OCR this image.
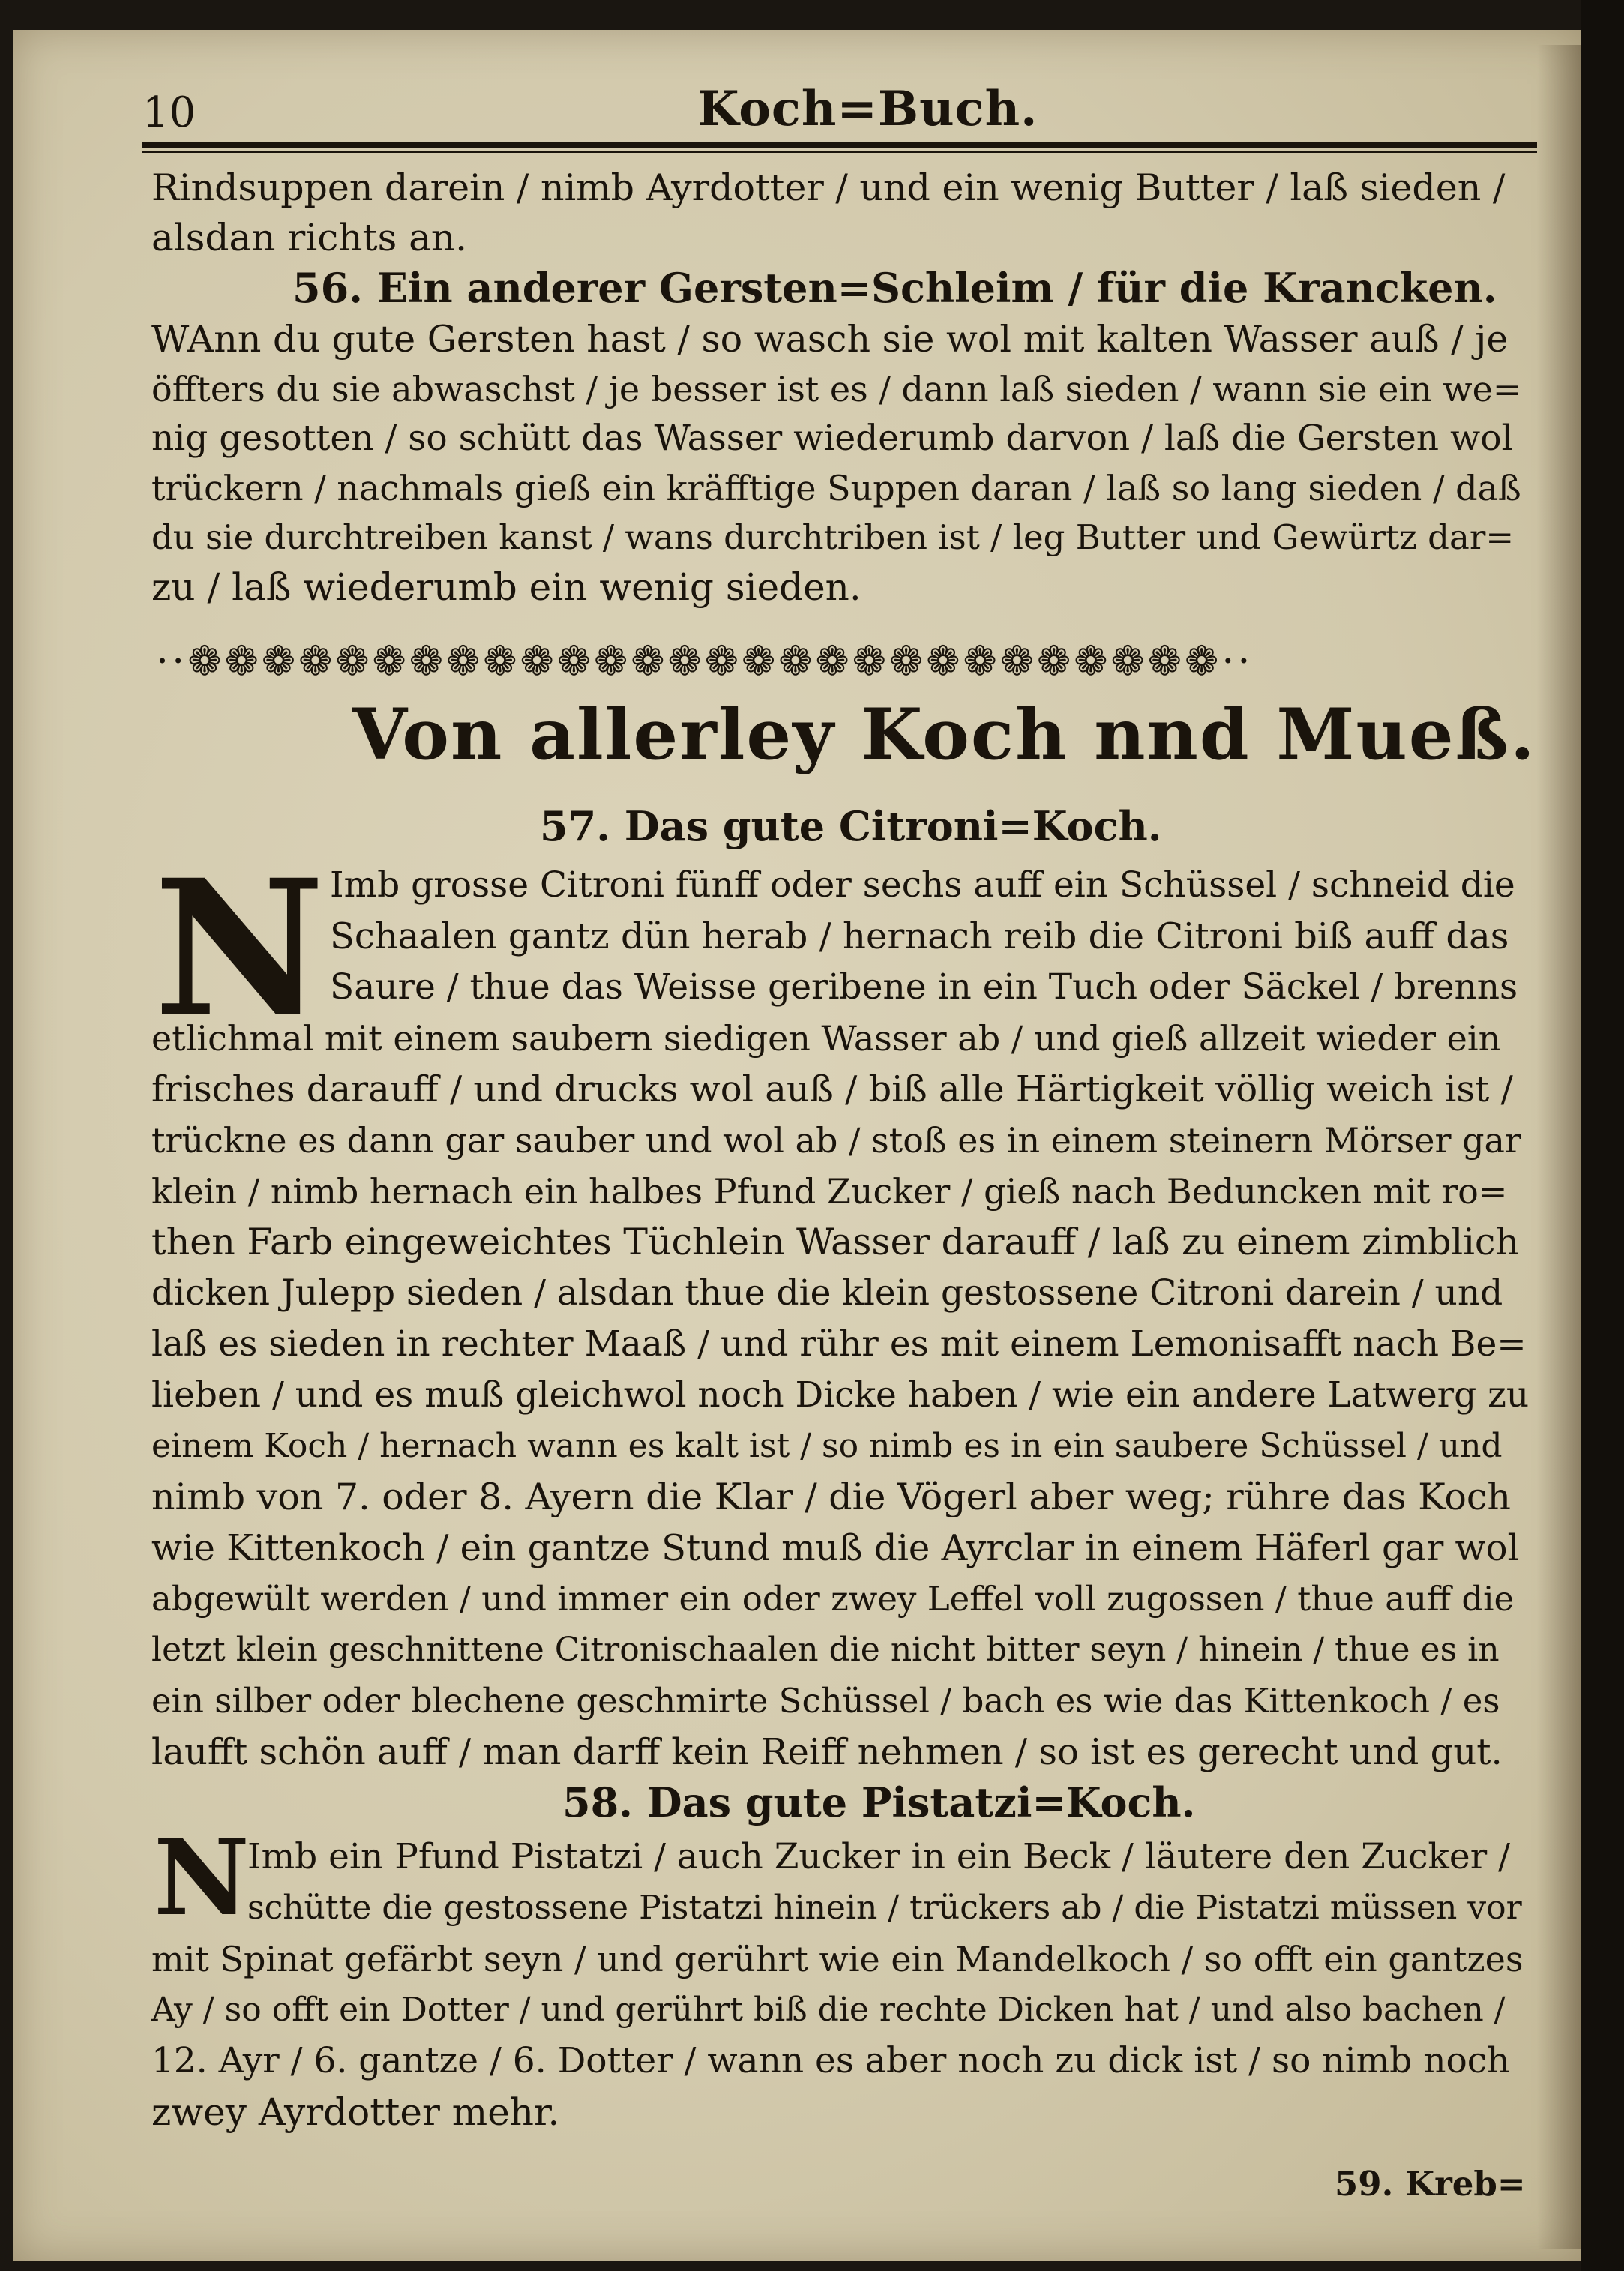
10	Koch=Buch.
Rindsuppen darein / nimb Ayrdotter / und ein wenig Butter / laß sieden /
alsdan richts an.
56. Ein anderer Gersten=Schleim / für die Krancken.
WAnn du gute Gersten hast / so wasch sie wol mit kalten Wasser auß / je
öffters du sie abwaschst / je besser ist es / dann laß sieden / wann sie ein we=
nig gesotten / so schütt das Wasser wiederumb darvon / laß die Gersten wol
trückern / nachmals gieß ein kräfftige Suppen daran / laß so lang sieden / daß
du sie durchtreiben kanst / wans durchtriben ist / leg Butter und Gewürtz dar=
zu / laß wiederumb ein wenig sieden.
··❁❁❁❁❁❁❁❁❁❁❁❁❁❁❁❁❁❁❁❁❁❁❁❁❁❁❁❁··
Von allerley Koch nnd Mueß.
57. Das gute Citroni=Koch.
N Imb grosse Citroni fünff oder sechs auff ein Schüssel / schneid die
Schaalen gantz dün herab / hernach reib die Citroni biß auff das
Saure / thue das Weisse geribene in ein Tuch oder Säckel / brenns
etlichmal mit einem saubern siedigen Wasser ab / und gieß allzeit wieder ein
frisches darauff / und drucks wol auß / biß alle Härtigkeit völlig weich ist /
trückne es dann gar sauber und wol ab / stoß es in einem steinern Mörser gar
klein / nimb hernach ein halbes Pfund Zucker / gieß nach Beduncken mit ro=
then Farb eingeweichtes Tüchlein Wasser darauff / laß zu einem zimblich
dicken Julepp sieden / alsdan thue die klein gestossene Citroni darein / und
laß es sieden in rechter Maaß / und rühr es mit einem Lemonisafft nach Be=
lieben / und es muß gleichwol noch Dicke haben / wie ein andere Latwerg zu
einem Koch / hernach wann es kalt ist / so nimb es in ein saubere Schüssel / und
nimb von 7. oder 8. Ayern die Klar / die Vögerl aber weg; rühre das Koch
wie Kittenkoch / ein gantze Stund muß die Ayrclar in einem Häferl gar wol
abgewült werden / und immer ein oder zwey Leffel voll zugossen / thue auff die
letzt klein geschnittene Citronischaalen die nicht bitter seyn / hinein / thue es in
ein silber oder blechene geschmirte Schüssel / bach es wie das Kittenkoch / es
laufft schön auff / man darff kein Reiff nehmen / so ist es gerecht und gut.
58. Das gute Pistatzi=Koch.
N
Imb ein Pfund Pistatzi / auch Zucker in ein Beck / läutere den Zucker /
schütte die gestossene Pistatzi hinein / trückers ab / die Pistatzi müssen vor
mit Spinat gefärbt seyn / und gerührt wie ein Mandelkoch / so offt ein gantzes
Ay / so offt ein Dotter / und gerührt biß die rechte Dicken hat / und also bachen /
12. Ayr / 6. gantze / 6. Dotter / wann es aber noch zu dick ist / so nimb noch
zwey Ayrdotter mehr.
59. Kreb=
